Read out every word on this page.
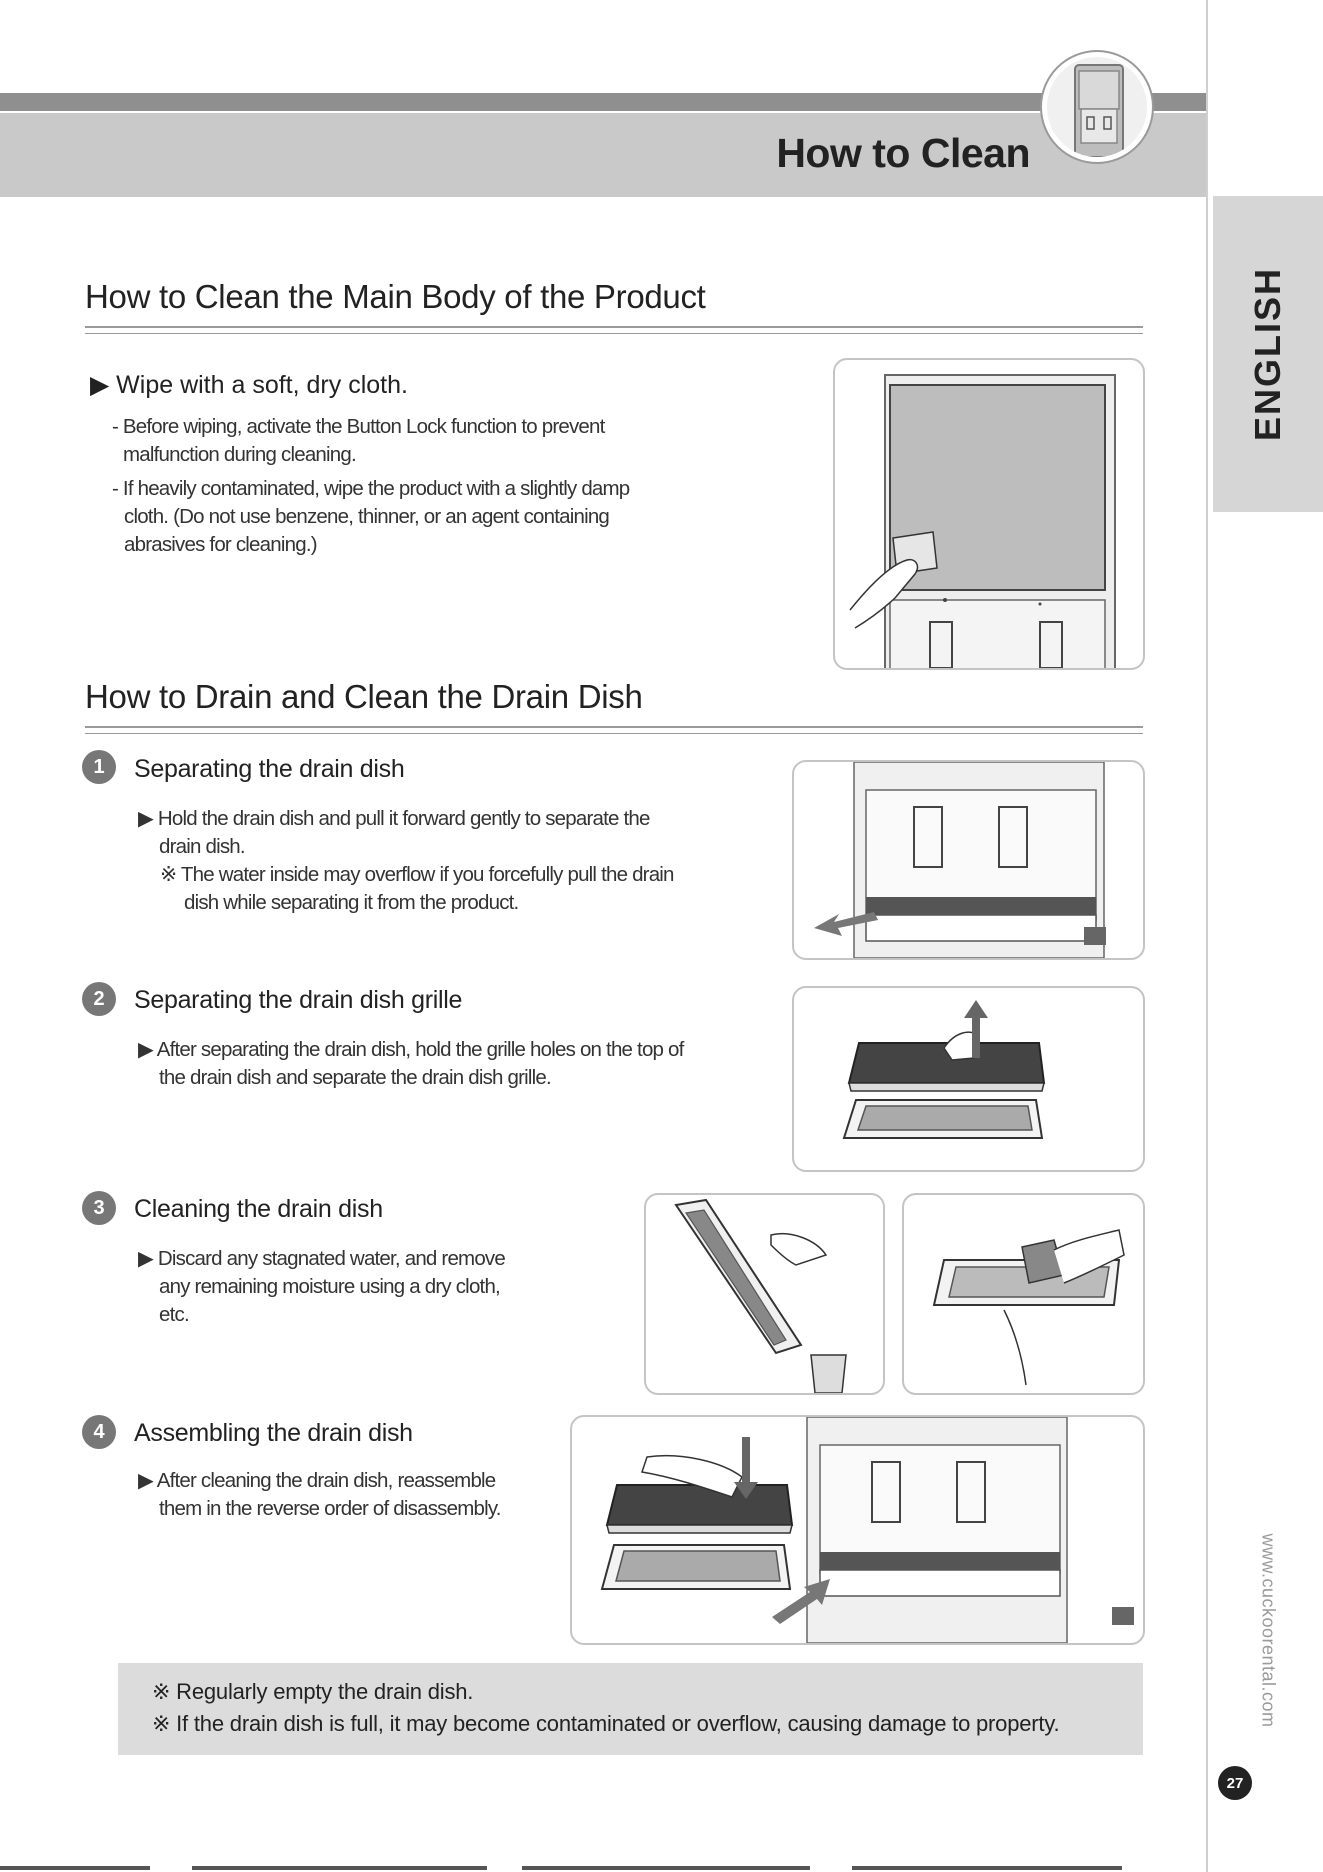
How to Clean
ENGLISH
www.cuckoorental.com
27
How to Clean the Main Body of the Product
▶ Wipe with a soft, dry cloth.
- Before wiping, activate the Button Lock function to prevent
malfunction during cleaning.
- If heavily contaminated, wipe the product with a slightly damp
cloth. (Do not use benzene, thinner, or an agent containing
abrasives for cleaning.)
How to Drain and Clean the Drain Dish
1	Separating the drain dish
▶ Hold the drain dish and pull it forward gently to separate the
drain dish.
※ The water inside may overflow if you forcefully pull the drain
dish while separating it from the product.
2	Separating the drain dish grille
▶ After separating the drain dish, hold the grille holes on the top of
the drain dish and separate the drain dish grille.
3	Cleaning the drain dish
▶ Discard any stagnated water, and remove
any remaining moisture using a dry cloth,
etc.
4	Assembling the drain dish
▶ After cleaning the drain dish, reassemble
them in the reverse order of disassembly.
※ Regularly empty the drain dish.
※ If the drain dish is full, it may become contaminated or overflow, causing damage to property.
